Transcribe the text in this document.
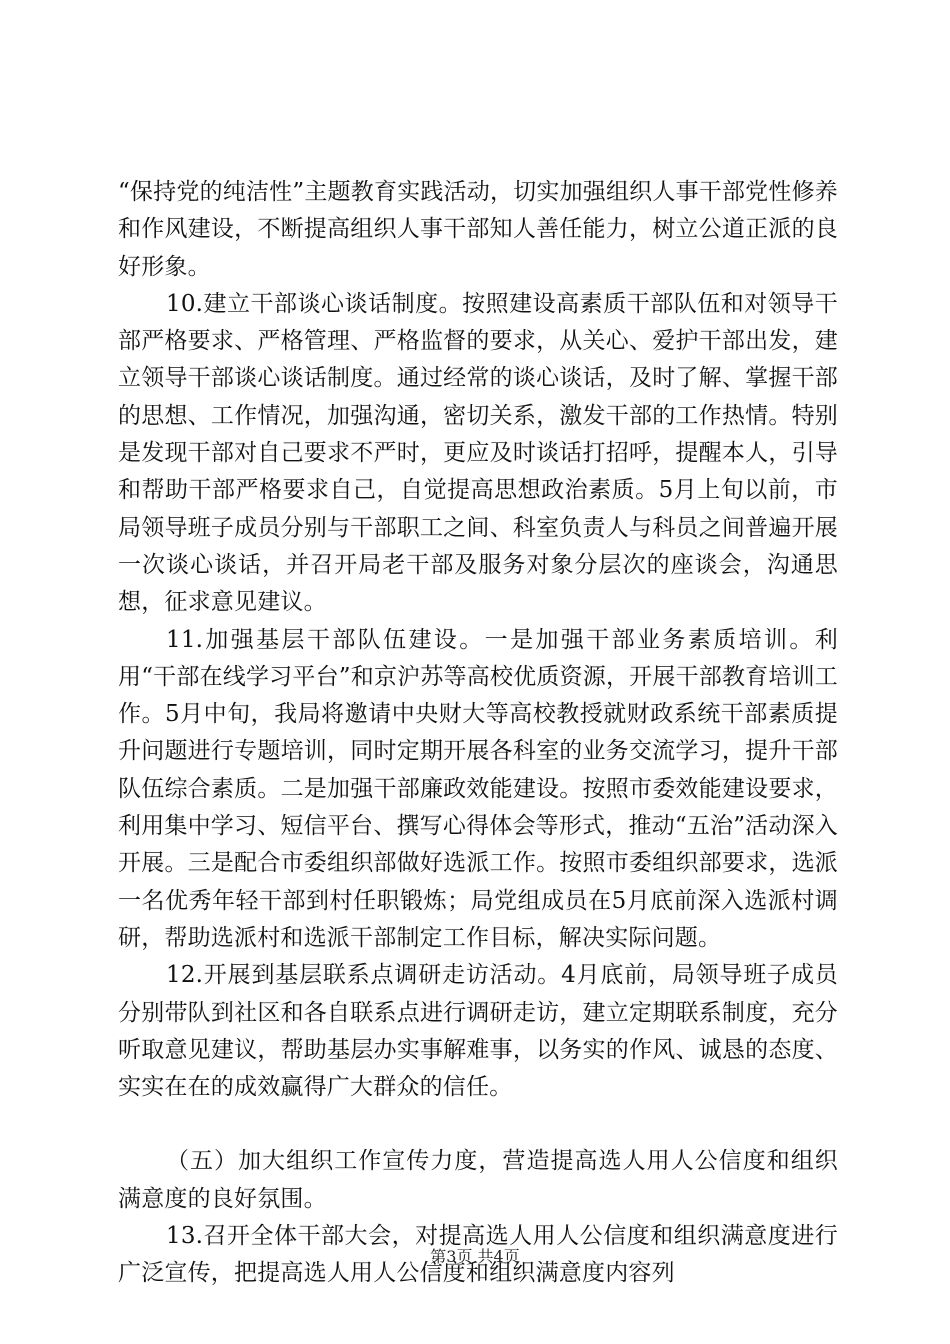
“保持党的纯洁性”主题教育实践活动，切实加强组织人事干部党性修养和作风建设，不断提高组织人事干部知人善任能力，树立公道正派的良好形象。

10.建立干部谈心谈话制度。按照建设高素质干部队伍和对领导干部严格要求、严格管理、严格监督的要求，从关心、爱护干部出发，建立领导干部谈心谈话制度。通过经常的谈心谈话，及时了解、掌握干部的思想、工作情况，加强沟通，密切关系，激发干部的工作热情。特别是发现干部对自己要求不严时，更应及时谈话打招呼，提醒本人，引导和帮助干部严格要求自己，自觉提高思想政治素质。5月上旬以前，市局领导班子成员分别与干部职工之间、科室负责人与科员之间普遍开展一次谈心谈话，并召开局老干部及服务对象分层次的座谈会，沟通思想，征求意见建议。

11.加强基层干部队伍建设。一是加强干部业务素质培训。利用“干部在线学习平台”和京沪苏等高校优质资源，开展干部教育培训工作。5月中旬，我局将邀请中央财大等高校教授就财政系统干部素质提升问题进行专题培训，同时定期开展各科室的业务交流学习，提升干部队伍综合素质。二是加强干部廉政效能建设。按照市委效能建设要求，利用集中学习、短信平台、撰写心得体会等形式，推动“五治”活动深入开展。三是配合市委组织部做好选派工作。按照市委组织部要求，选派一名优秀年轻干部到村任职锻炼；局党组成员在5月底前深入选派村调研，帮助选派村和选派干部制定工作目标，解决实际问题。

12.开展到基层联系点调研走访活动。4月底前，局领导班子成员分别带队到社区和各自联系点进行调研走访，建立定期联系制度，充分听取意见建议，帮助基层办实事解难事，以务实的作风、诚恳的态度、实实在在的成效赢得广大群众的信任。

（五）加大组织工作宣传力度，营造提高选人用人公信度和组织满意度的良好氛围。

13.召开全体干部大会，对提高选人用人公信度和组织满意度进行广泛宣传，把提高选人用人公信度和组织满意度内容列

第3页 共4页
